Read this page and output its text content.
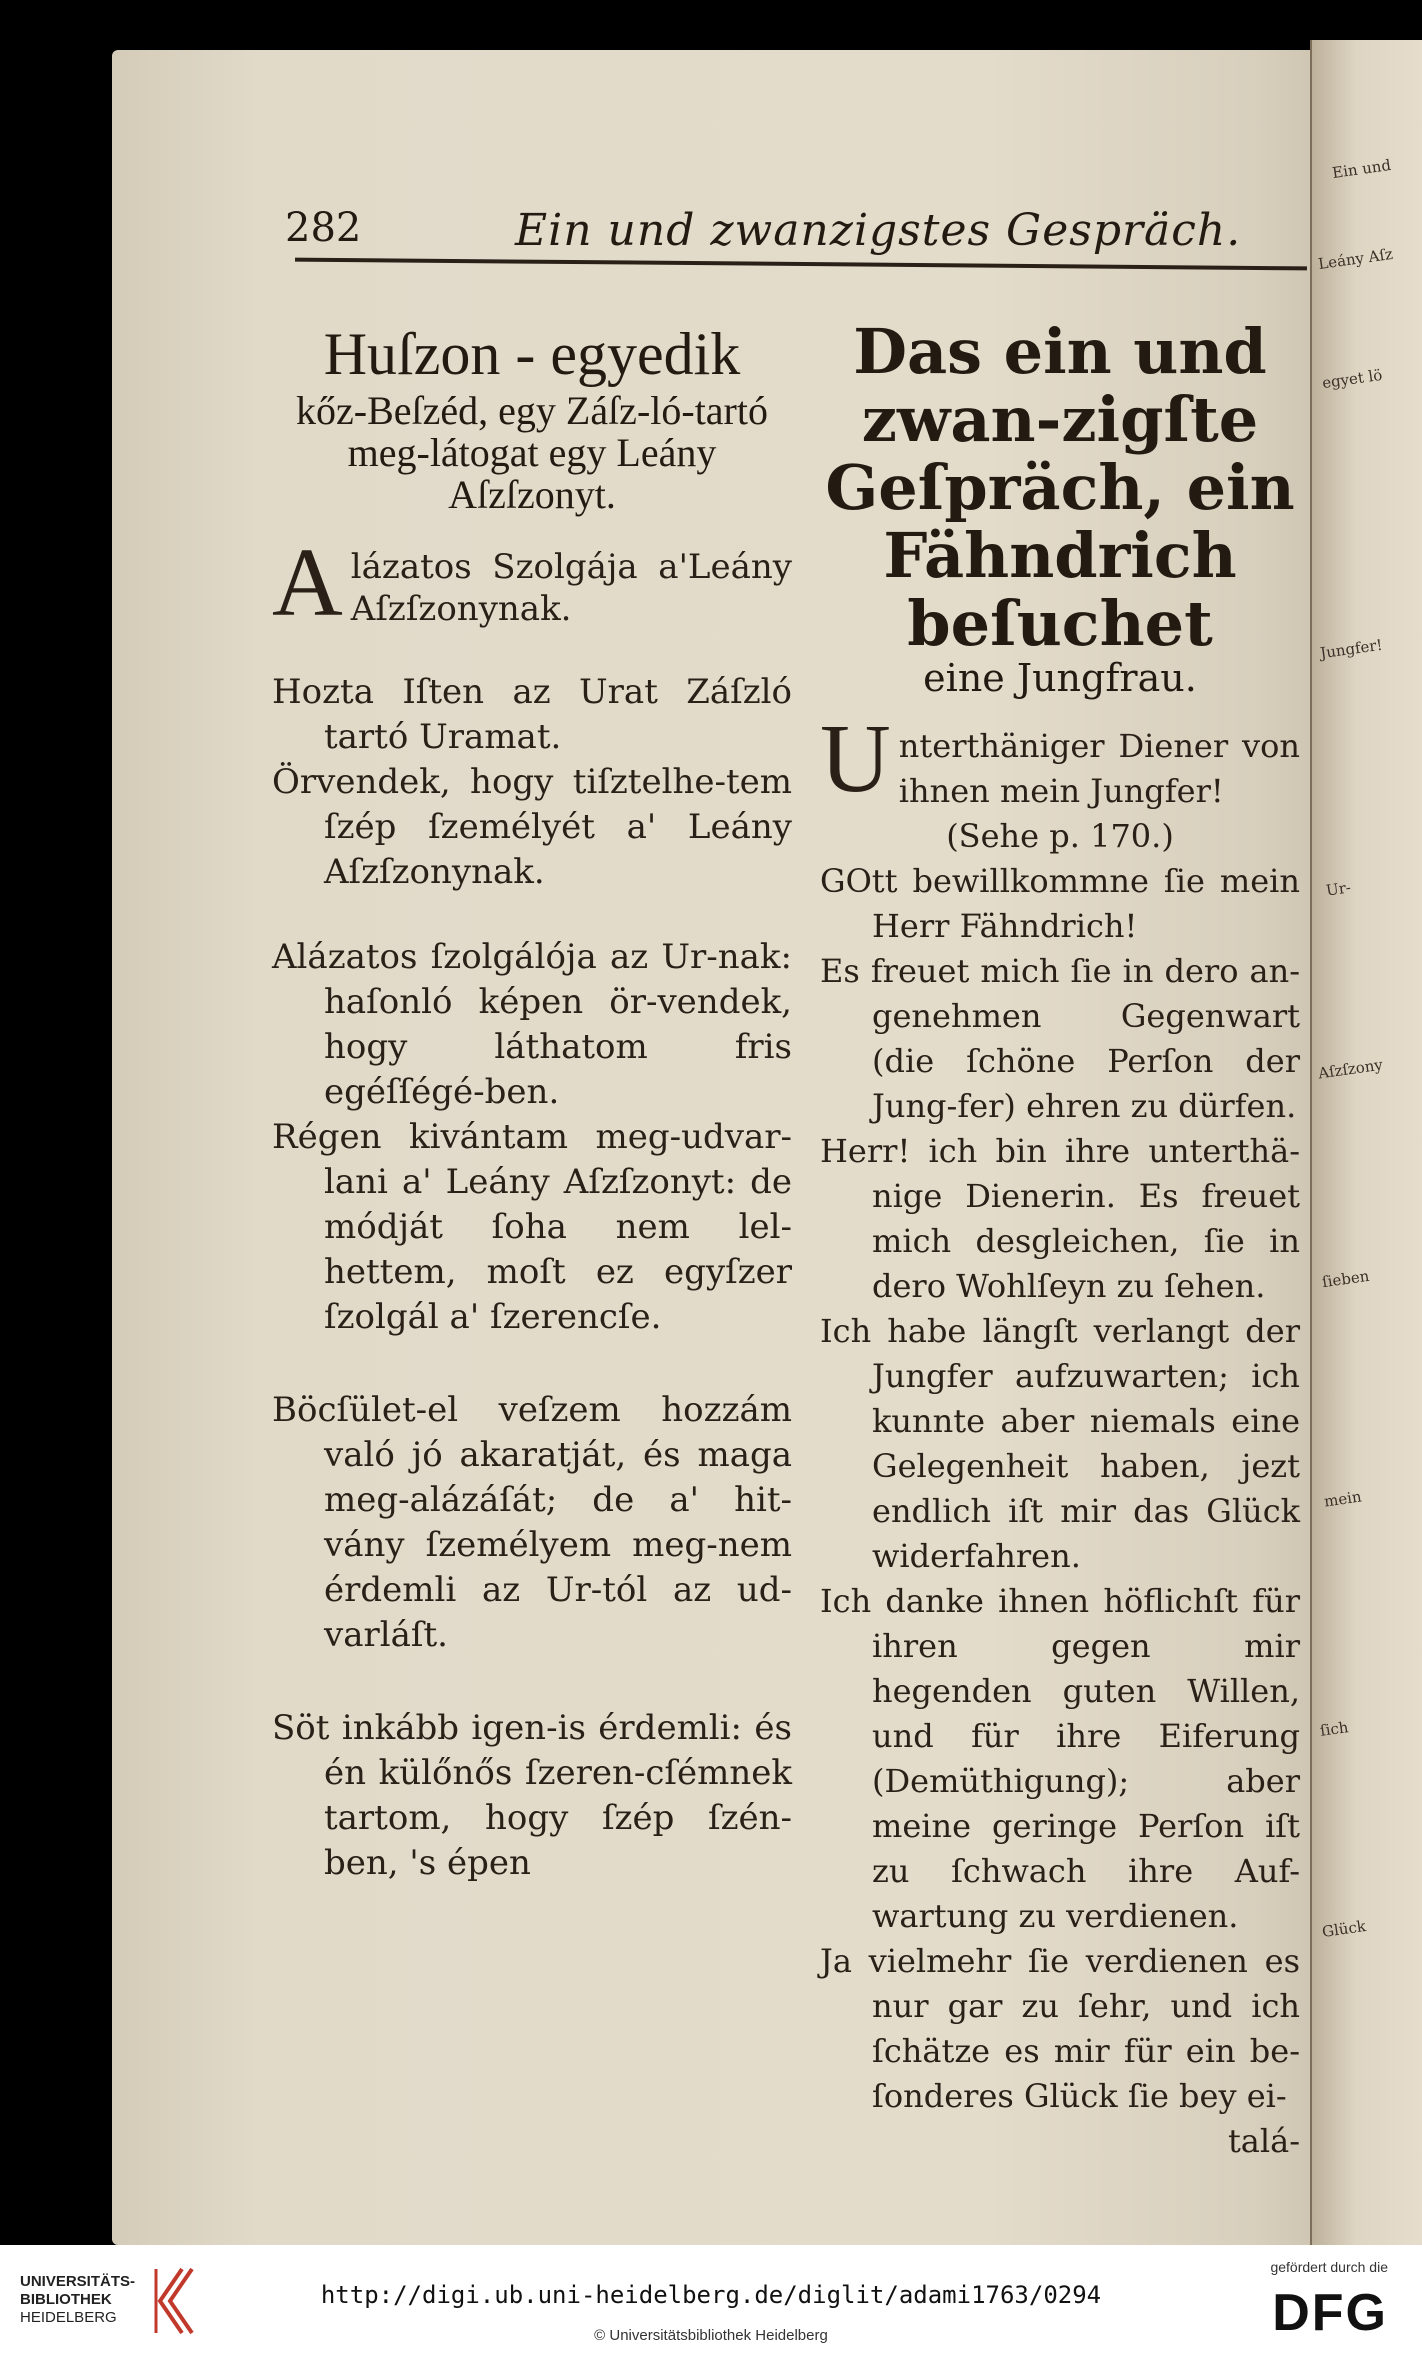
Ein und
Leány Aſz
egyet lö
Jungfer!
Ur-
Aſzſzony
ſieben
mein
ſich
Glück
282	Ein und zwanzigstes Gespräch.

Huſzon - egyedik

kőz-Beſzéd, egy Záſz-ló-tartó meg-látogat egy Leány Aſzſzonyt.

A lázatos Szolgája a'Leány Aſzſzonynak.

Hozta Iſten az Urat Záſzló tartó Uramat.

Örvendek, hogy tiſztelhe-tem ſzép ſzemélyét a' Leány Aſzſzonynak.

Alázatos ſzolgálója az Ur-nak: haſonló képen ör-vendek, hogy láthatom fris egéſſégé-ben.

Régen kivántam meg-udvar-lani a' Leány Aſzſzonyt: de módját ſoha nem lel-hettem, moſt ez egyſzer ſzolgál a' ſzerencſe.

Böcſület-el veſzem hozzám való jó akaratját, és maga meg-alázáſát; de a' hit-vány ſzemélyem meg-nem érdemli az Ur-tól az ud-varláſt.

Söt inkább igen-is érdemli: és én külőnős ſzeren-cſémnek tartom, hogy ſzép ſzén-ben, 's épen

Das ein und zwan-zigſte Geſpräch, ein Fähndrich beſuchet

eine Jungfrau.

U nterthäniger Diener von ihnen mein Jungfer!

(Sehe p. 170.)

GOtt bewillkommne ſie mein Herr Fähndrich!

Es freuet mich ſie in dero an-genehmen Gegenwart (die ſchöne Perſon der Jung-fer) ehren zu dürfen.

Herr! ich bin ihre unterthä-nige Dienerin. Es freuet mich desgleichen, ſie in dero Wohlſeyn zu ſehen.

Ich habe längſt verlangt der Jungfer aufzuwarten; ich kunnte aber niemals eine Gelegenheit haben, jezt endlich iſt mir das Glück widerfahren.

Ich danke ihnen höflichſt für ihren gegen mir hegenden guten Willen, und für ihre Eiferung (Demüthigung); aber meine geringe Perſon iſt zu ſchwach ihre Auf-wartung zu verdienen.

Ja vielmehr ſie verdienen es nur gar zu ſehr, und ich ſchätze es mir für ein be-ſonderes Glück ſie bey ei-

talá-

UNIVERSITÄTS-
BIBLIOTHEK
HEIDELBERG
http://digi.ub.uni-heidelberg.de/diglit/adami1763/0294
© Universitätsbibliothek Heidelberg
gefördert durch die
DFG
